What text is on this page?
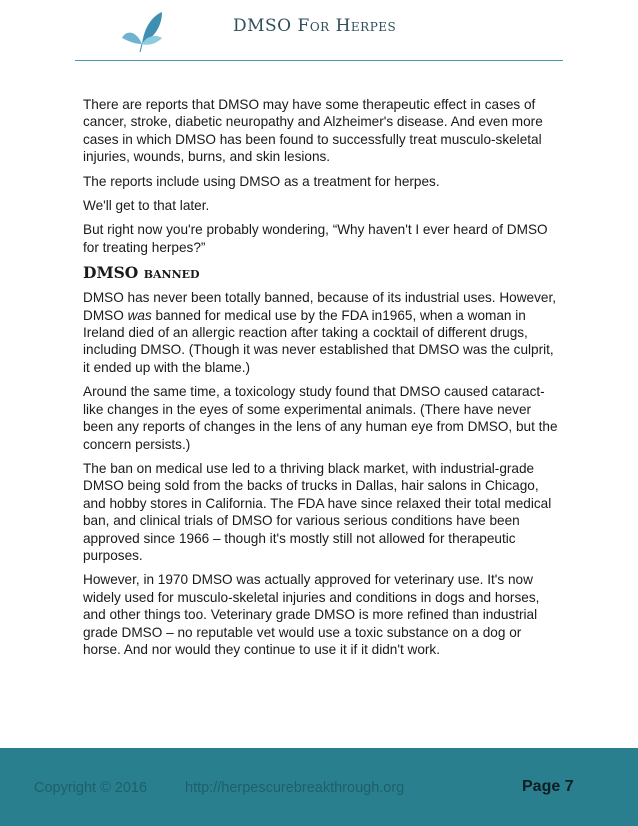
DMSO For Herpes

There are reports that DMSO may have some therapeutic effect in cases of cancer, stroke, diabetic neuropathy and Alzheimer's disease. And even more cases in which DMSO has been found to successfully treat musculo-skeletal injuries, wounds, burns, and skin lesions.

The reports include using DMSO as a treatment for herpes.

We'll get to that later.

But right now you're probably wondering, “Why haven't I ever heard of DMSO for treating herpes?”

DMSO banned

DMSO has never been totally banned, because of its industrial uses. However, DMSO was banned for medical use by the FDA in1965, when a woman in Ireland died of an allergic reaction after taking a cocktail of different drugs, including DMSO. (Though it was never established that DMSO was the culprit, it ended up with the blame.)

Around the same time, a toxicology study found that DMSO caused cataract-like changes in the eyes of some experimental animals. (There have never been any reports of changes in the lens of any human eye from DMSO, but the concern persists.)

The ban on medical use led to a thriving black market, with industrial-grade DMSO being sold from the backs of trucks in Dallas, hair salons in Chicago, and hobby stores in California. The FDA have since relaxed their total medical ban, and clinical trials of DMSO for various serious conditions have been approved since 1966 – though it's mostly still not allowed for therapeutic purposes.

However, in 1970 DMSO was actually approved for veterinary use. It's now widely used for musculo-skeletal injuries and conditions in dogs and horses, and other things too. Veterinary grade DMSO is more refined than industrial grade DMSO – no reputable vet would use a toxic substance on a dog or horse. And nor would they continue to use it if it didn't work.

Copyright © 2016	http://herpescurebreakthrough.org	Page 7
